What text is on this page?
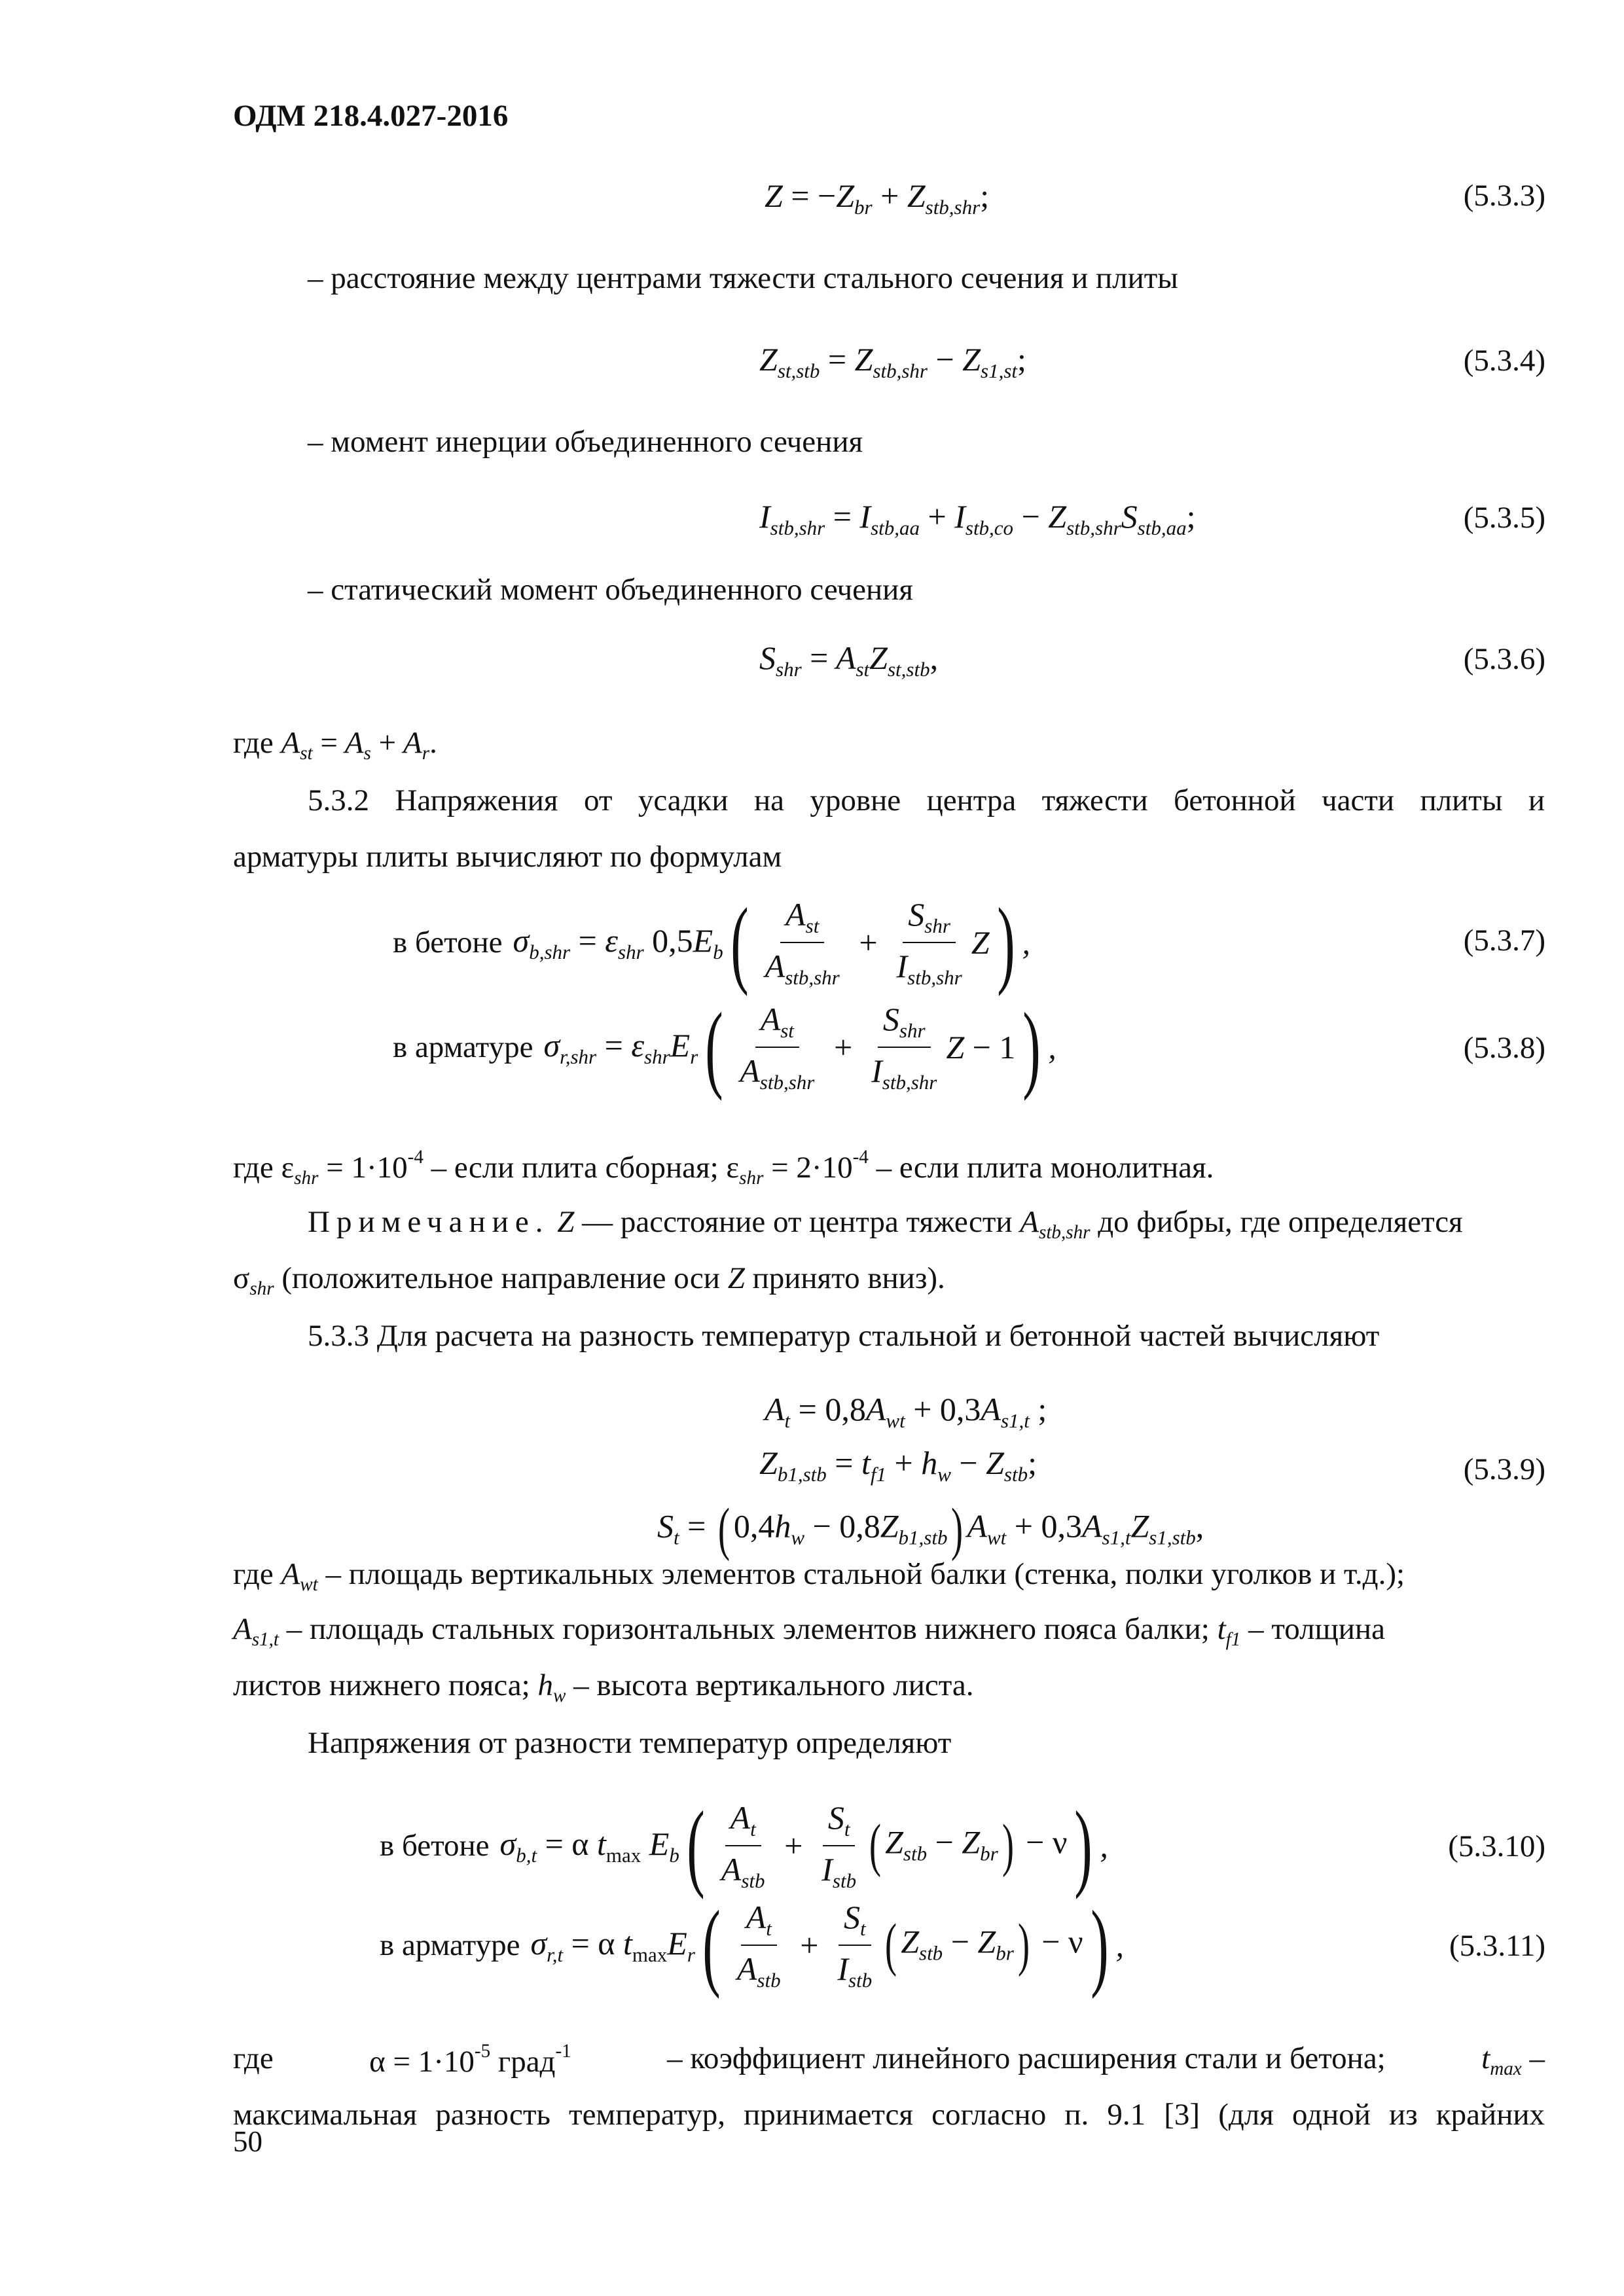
ОДМ 218.4.027-2016
$Z = -Z_{br} + Z_{stb,shr}$;	(5.3.3)
– расстояние между центрами тяжести стального сечения и плиты
$Z_{st,stb} = Z_{stb,shr} - Z_{s1,st}$;	(5.3.4)
– момент инерции объединенного сечения
$I_{stb,shr} = I_{stb,aa} + I_{stb,co} - Z_{stb,shr}S_{stb,aa}$;	(5.3.5)
– статический момент объединенного сечения
$S_{shr} = A_{st}Z_{st,stb}$,	(5.3.6)
где $A_{st} = A_s + A_r$.
5.3.2 Напряжения от усадки на уровне центра тяжести бетонной части плиты и
арматуры плиты вычисляют по формулам
в бетоне $\sigma_{b,shr} = \varepsilon_{shr}$ $0,5E_b$ ( $\frac{A_{st}}{A_{stb,shr}} + \frac{S_{shr}}{I_{stb,shr}}$ Z ) ,	(5.3.7)
в арматуре $\sigma_{r,shr} = \varepsilon_{shr}E_r$ ( $\frac{A_{st}}{A_{stb,shr}} + \frac{S_{shr}}{I_{stb,shr}}$ Z − 1 ) ,	(5.3.8)
где $\varepsilon_{shr} = 1\cdot 10^{-4}$ – если плита сборная; $\varepsilon_{shr} = 2\cdot 10^{-4}$ – если плита монолитная.
Примечание. Z — расстояние от центра тяжести $A_{stb,shr}$ до фибры, где определяется
$\sigma_{shr}$ (положительное направление оси Z принято вниз).
5.3.3 Для расчета на разность температур стальной и бетонной частей вычисляют
$A_t = 0,8A_{wt} + 0,3A_{s1,t}$ ;
$Z_{b1,stb} = t_{f1} + h_w - Z_{stb}$;
$S_t$ = ( $0,4h_w - 0,8Z_{b1,stb}$) $A_{wt} + 0,3A_{s1,t}Z_{s1,stb}$,
(5.3.9)
где $A_{wt}$ – площадь вертикальных элементов стальной балки (стенка, полки уголков и т.д.);
$A_{s1,t}$ – площадь стальных горизонтальных элементов нижнего пояса балки; $t_{f1}$ – толщина
листов нижнего пояса; $h_w$ – высота вертикального листа.
Напряжения от разности температур определяют
в бетоне $\sigma_{b,t} = \alpha$ $t_{max}$ $E_b$ ( $\frac{A_t}{A_{stb}} + \frac{S_t}{I_{stb}}$ ( $Z_{stb} - Z_{br}) - \nu$ ) ,	(5.3.10)
в арматуре $\sigma_{r,t} = \alpha$ $t_{max}E_r$ ( $\frac{A_t}{A_{stb}} + \frac{S_t}{I_{stb}}$ ( $Z_{stb} - Z_{br}) - \nu$ ) ,	(5.3.11)
где	$\alpha = 1\cdot 10^{-5}$ град$^{-1}$	– коэффициент линейного расширения стали и бетона;	$t_{max}$ –
максимальная разность температур, принимается согласно п. 9.1 [3] (для одной из крайних
50
